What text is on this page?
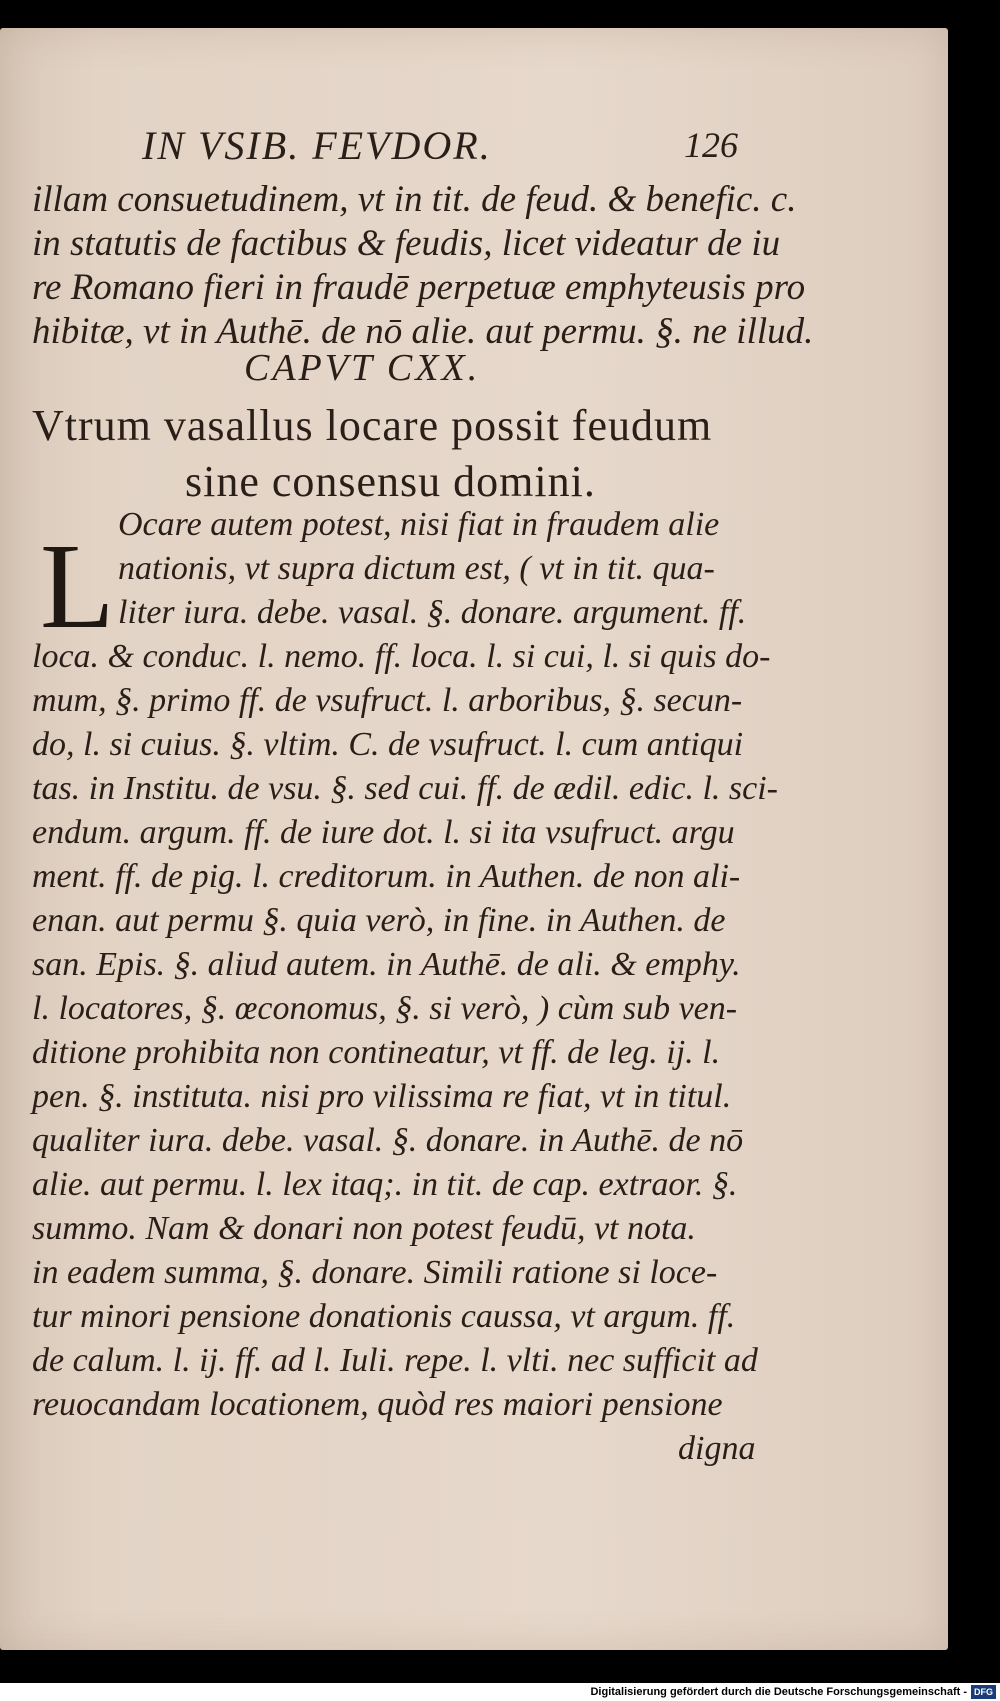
IN VSIB. FEVDOR.	126
illam consuetudinem, vt in tit. de feud. & benefic. c.
in statutis de factibus & feudis, licet videatur de iu
re Romano fieri in fraudē perpetuæ emphyteusis pro
hibitæ, vt in Authē. de nō alie. aut permu. §. ne illud.
CAPVT CXX.
Vtrum vasallus locare possit feudum
sine consensu domini.
L Ocare autem potest, nisi fiat in fraudem alie
nationis, vt supra dictum est, ( vt in tit. qua-
liter iura. debe. vasal. §. donare. argument. ff.
loca. & conduc. l. nemo. ff. loca. l. si cui, l. si quis do-
mum, §. primo ff. de vsufruct. l. arboribus, §. secun-
do, l. si cuius. §. vltim. C. de vsufruct. l. cum antiqui
tas. in Institu. de vsu. §. sed cui. ff. de ædil. edic. l. sci-
endum. argum. ff. de iure dot. l. si ita vsufruct. argu
ment. ff. de pig. l. creditorum. in Authen. de non ali-
enan. aut permu §. quia verò, in fine. in Authen. de
san. Epis. §. aliud autem. in Authē. de ali. & emphy.
l. locatores, §. œconomus, §. si verò, ) cùm sub ven-
ditione prohibita non contineatur, vt ff. de leg. ij. l.
pen. §. instituta. nisi pro vilissima re fiat, vt in titul.
qualiter iura. debe. vasal. §. donare. in Authē. de nō
alie. aut permu. l. lex itaq;. in tit. de cap. extraor. §.
summo. Nam & donari non potest feudū, vt nota.
in eadem summa, §. donare. Simili ratione si loce-
tur minori pensione donationis caussa, vt argum. ff.
de calum. l. ij. ff. ad l. Iuli. repe. l. vlti. nec sufficit ad
reuocandam locationem, quòd res maiori pensione
digna
Digitalisierung gefördert durch die Deutsche Forschungsgemeinschaft - DFG
